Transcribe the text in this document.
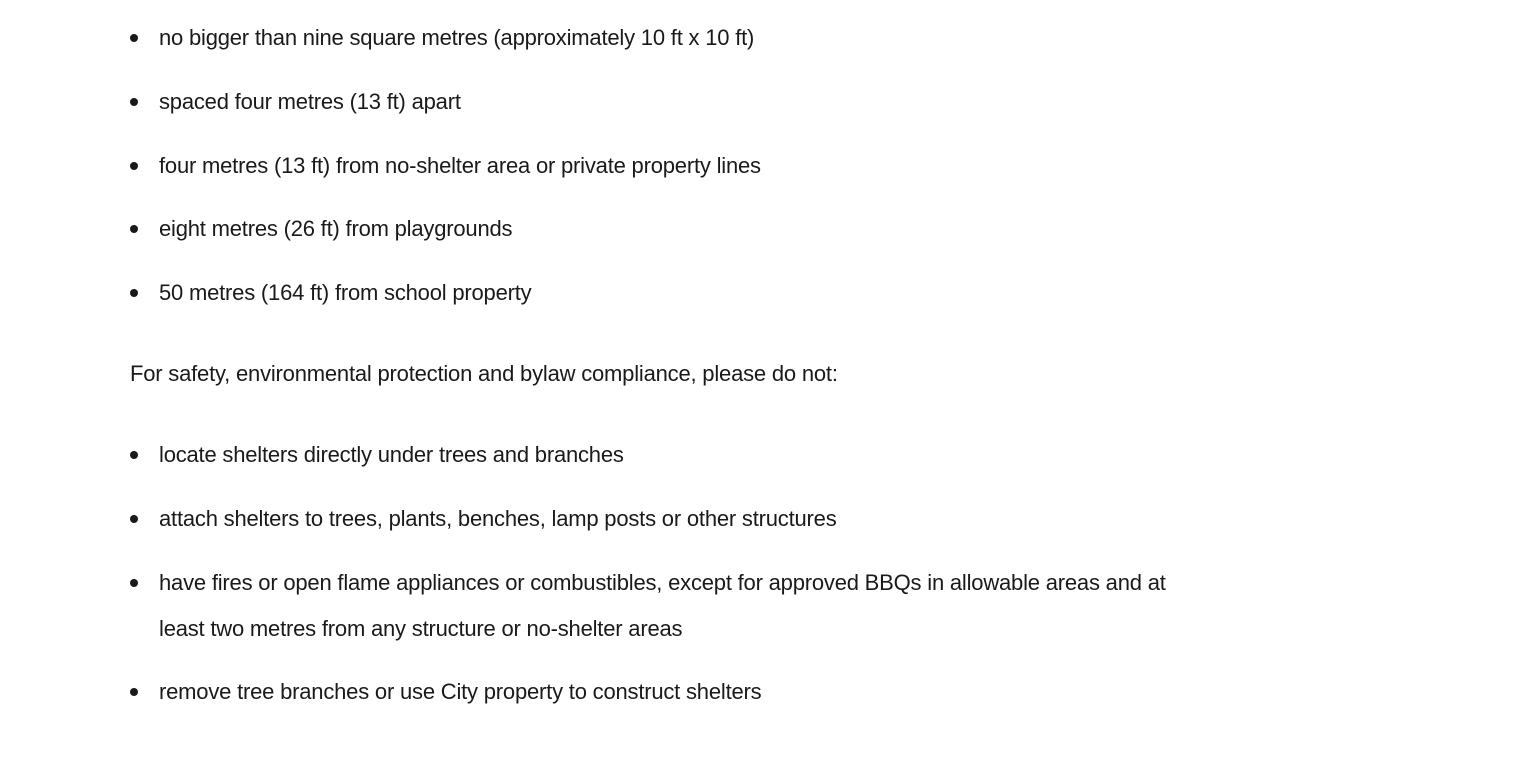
no bigger than nine square metres (approximately 10 ft x 10 ft)
spaced four metres (13 ft) apart
four metres (13 ft) from no-shelter area or private property lines
eight metres (26 ft) from playgrounds
50 metres (164 ft) from school property

For safety, environmental protection and bylaw compliance, please do not:

locate shelters directly under trees and branches
attach shelters to trees, plants, benches, lamp posts or other structures
have fires or open flame appliances or combustibles, except for approved BBQs in allowable areas and at least two metres from any structure or no-shelter areas
remove tree branches or use City property to construct shelters
